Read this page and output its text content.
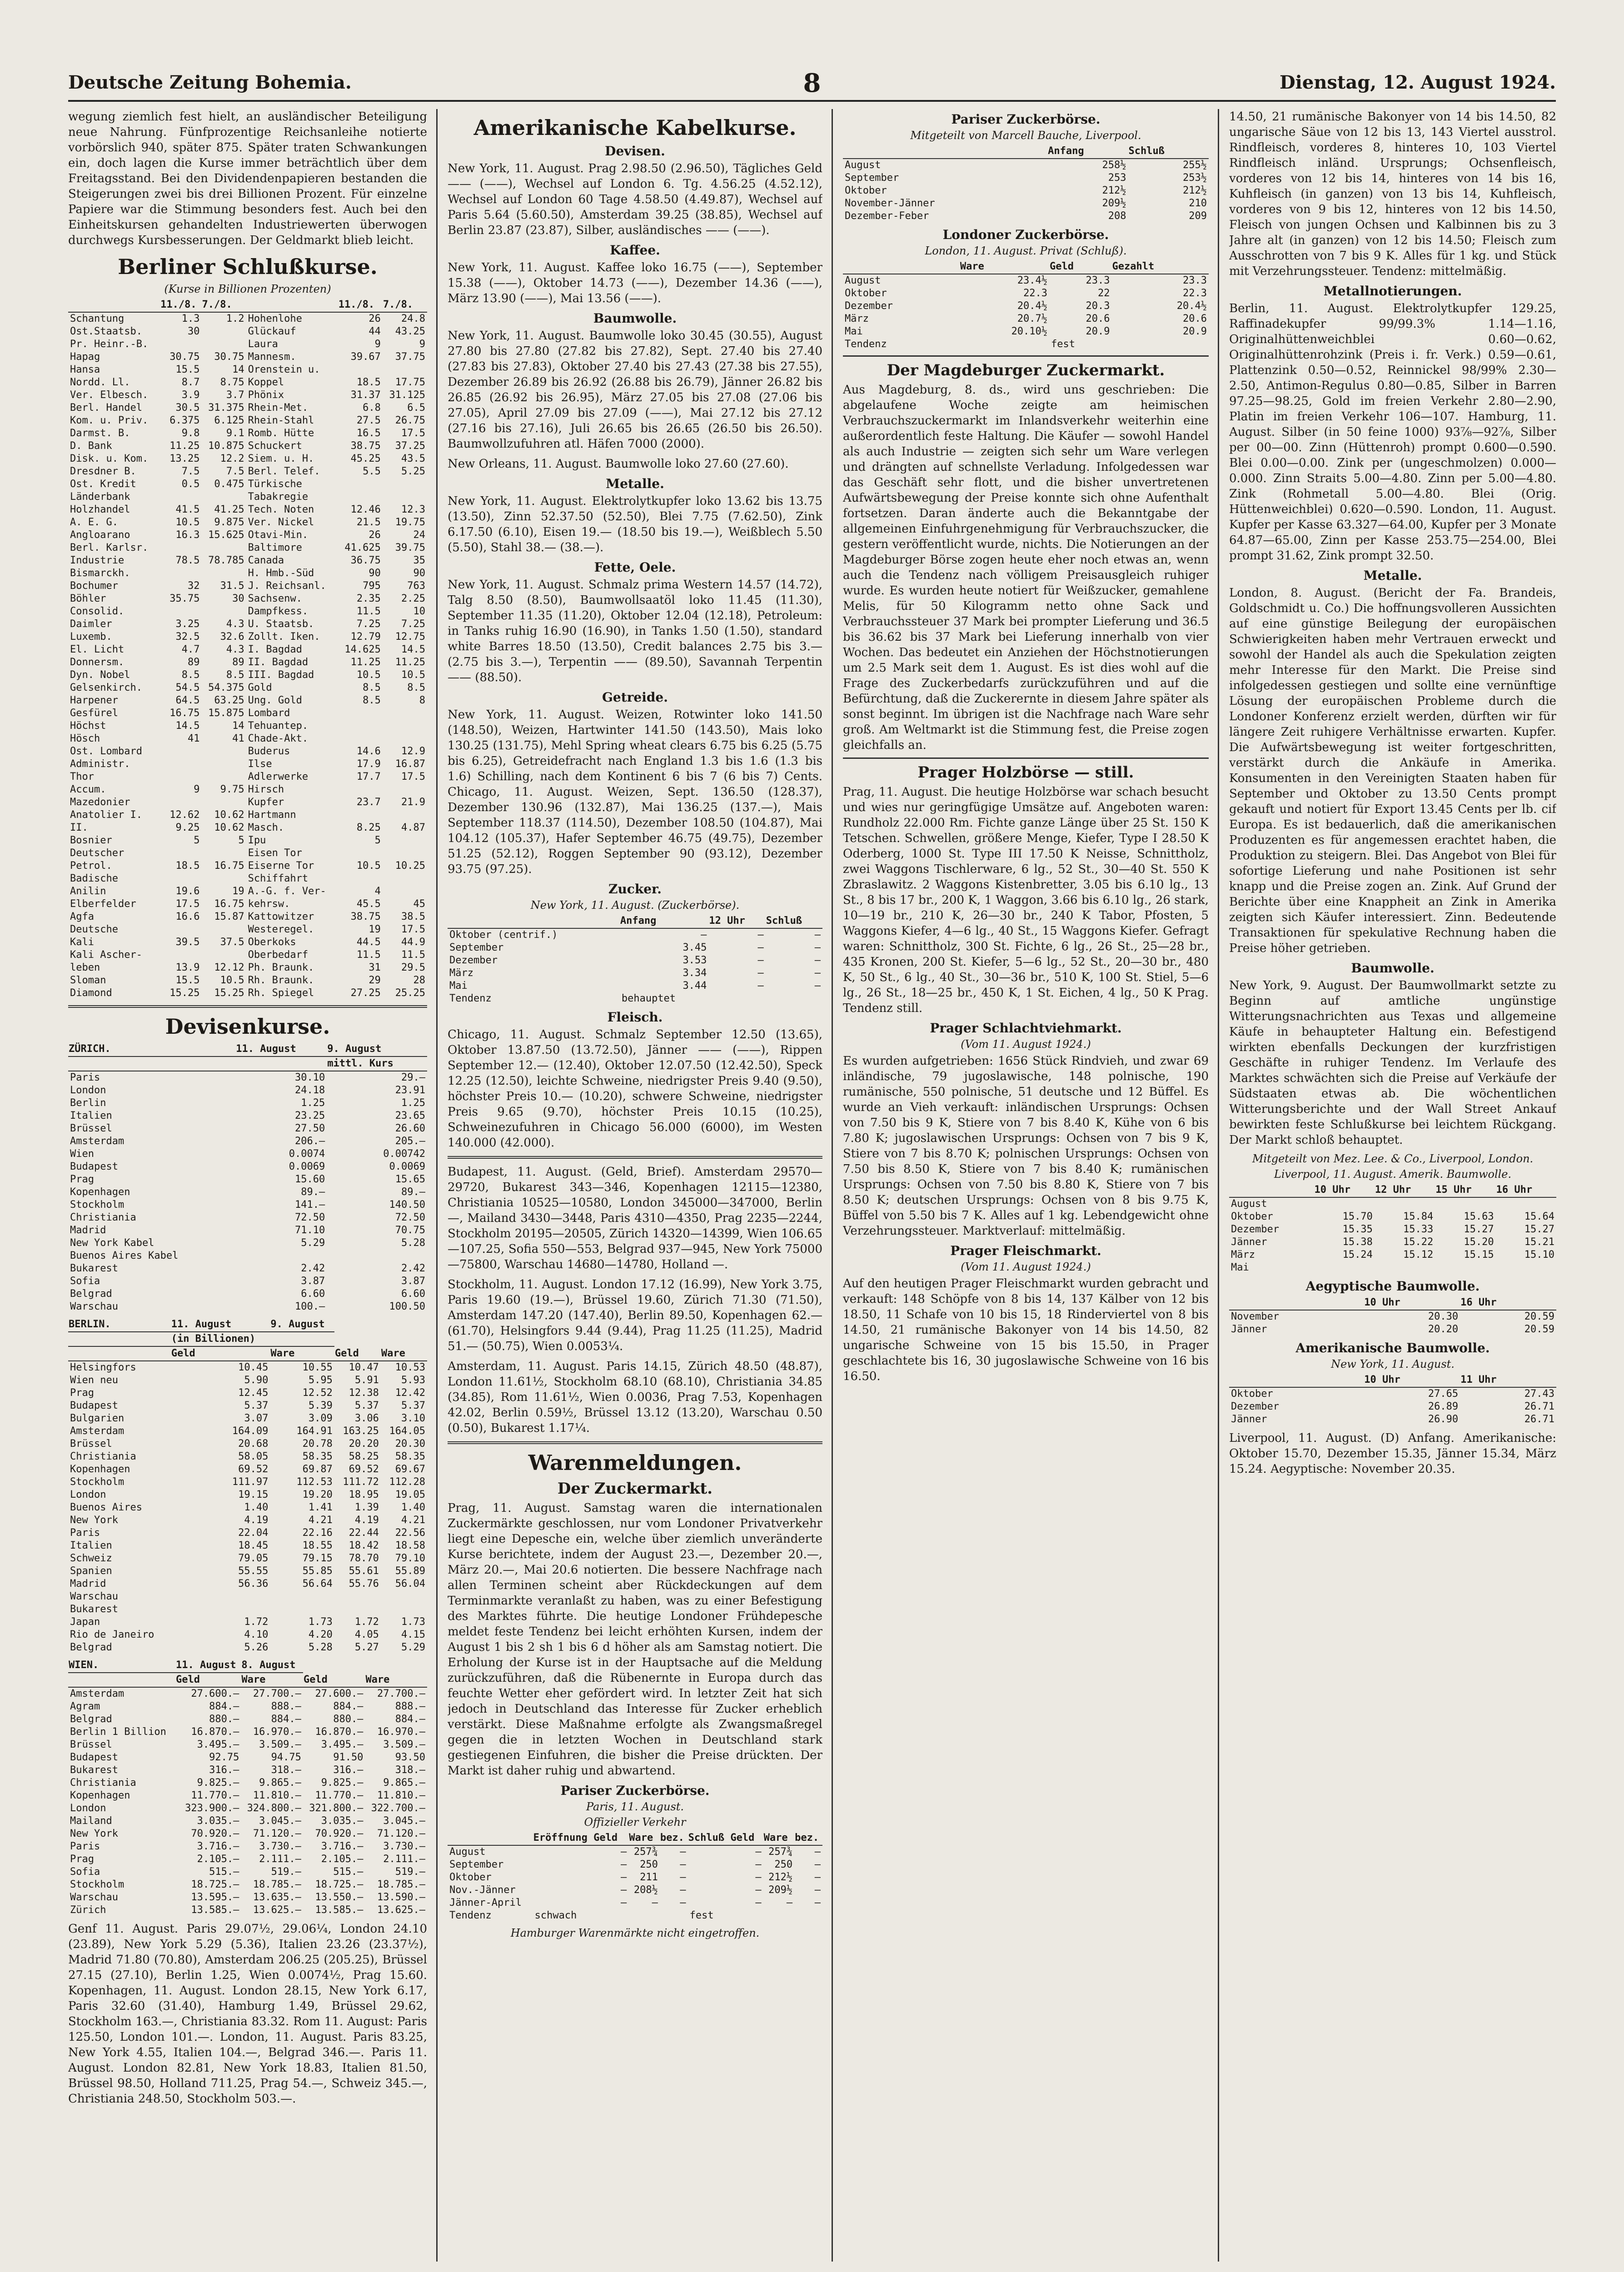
Deutsche Zeitung Bohemia.	8	Dienstag, 12. August 1924.

wegung ziemlich fest hielt, an ausländischer Beteiligung neue Nahrung. Fünfprozentige Reichsanleihe notierte vorbörslich 940, später 875. Später traten Schwankungen ein, doch lagen die Kurse immer beträchtlich über dem Freitagsstand. Bei den Dividendenpapieren bestanden die Steigerungen zwei bis drei Billionen Prozent. Für einzelne Papiere war die Stimmung besonders fest. Auch bei den Einheitskursen gehandelten Industriewerten überwogen durchwegs Kursbesserungen. Der Geldmarkt blieb leicht.

Berliner Schlußkurse.
(Kurse in Billionen Prozenten)
	11./8.	7./8.		11./8.	7./8.
Schantung	1.3	1.2	Hohenlohe	26	24.8
Ost.Staatsb.	30		Glückauf	44	43.25
Pr. Heinr.-B.			Laura	9	9
Hapag	30.75	30.75	Mannesm.	39.67	37.75
Hansa	15.5	14	Orenstein u.		
Nordd. Ll.	8.7	8.75	Koppel	18.5	17.75
Ver. Elbesch.	3.9	3.7	Phönix	31.37	31.125
Berl. Handel	30.5	31.375	Rhein-Met.	6.8	6.5
Kom. u. Priv.	6.375	6.125	Rhein-Stahl	27.5	26.75
Darmst. B.	9.8	9.1	Romb. Hütte	16.5	17.5
D. Bank	11.25	10.875	Schuckert	38.75	37.25
Disk. u. Kom.	13.25	12.2	Siem. u. H.	45.25	43.5
Dresdner B.	7.5	7.5	Berl. Telef.	5.5	5.25
Ost. Kredit	0.5	0.475	Türkische		
Länderbank			Tabakregie		
Holzhandel	41.5	41.25	Tech. Noten	12.46	12.3
A. E. G.	10.5	9.875	Ver. Nickel	21.5	19.75
Angloarano	16.3	15.625	Otavi-Min.	26	24
Berl. Karlsr.			Baltimore	41.625	39.75
Industrie	78.5	78.785	Canada	36.75	35
Bismarckh.			H. Hmb.-Süd	90	90
Bochumer	32	31.5	J. Reichsanl.	795	763
Böhler	35.75	30	Sachsenw.	2.35	2.25
Consolid.			Dampfkess.	11.5	10
Daimler	3.25	4.3	U. Staatsb.	7.25	7.25
Luxemb.	32.5	32.6	Zollt. Iken.	12.79	12.75
El. Licht	4.7	4.3	I. Bagdad	14.625	14.5
Donnersm.	89	89	II. Bagdad	11.25	11.25
Dyn. Nobel	8.5	8.5	III. Bagdad	10.5	10.5
Gelsenkirch.	54.5	54.375	Gold	8.5	8.5
Harpener	64.5	63.25	Ung. Gold	8.5	8
Gesfürel	16.75	15.875	Lombard		
Höchst	14.5	14	Tehuantep.		
Hösch	41	41	Chade-Akt.		
Ost. Lombard			Buderus	14.6	12.9
Administr.			Ilse	17.9	16.87
Thor			Adlerwerke	17.7	17.5
Accum.	9	9.75	Hirsch		
Mazedonier			Kupfer	23.7	21.9
Anatolier I.	12.62	10.62	Hartmann		
II.	9.25	10.62	Masch.	8.25	4.87
Bosnier	5	5	Ipu	5	
Deutscher			Eisen Tor		
Petrol.	18.5	16.75	Eiserne Tor	10.5	10.25
Badische			Schiffahrt		
Anilin	19.6	19	A.-G. f. Ver-	4	
Elberfelder	17.5	16.75	kehrsw.	45.5	45
Agfa	16.6	15.87	Kattowitzer	38.75	38.5
Deutsche			Westeregel.	19	17.5
Kali	39.5	37.5	Oberkoks	44.5	44.9
Kali Ascher-			Oberbedarf	11.5	11.5
leben	13.9	12.12	Ph. Braunk.	31	29.5
Sloman	15.5	10.5	Rh. Braunk.	29	28
Diamond	15.25	15.25	Rh. Spiegel	27.25	25.25
Devisenkurse.
ZÜRICH.	11. August	9. August
		mittl. Kurs
Paris	30.10	29.—
London	24.18	23.91
Berlin	1.25	1.25
Italien	23.25	23.65
Brüssel	27.50	26.60
Amsterdam	206.—	205.—
Wien	0.0074	0.00742
Budapest	0.0069	0.0069
Prag	15.60	15.65
Kopenhagen	89.—	89.—
Stockholm	141.—	140.50
Christiania	72.50	72.50
Madrid	71.10	70.75
New York Kabel	5.29	5.28
Buenos Aires Kabel		
Bukarest	2.42	2.42
Sofia	3.87	3.87
Belgrad	6.60	6.60
Warschau	100.—	100.50
BERLIN.	11. August	9. August		
	(in Billionen)			
	Geld	Ware	Geld	Ware
Helsingfors	10.45	10.55	10.47	10.53
Wien neu	5.90	5.95	5.91	5.93
Prag	12.45	12.52	12.38	12.42
Budapest	5.37	5.39	5.37	5.37
Bulgarien	3.07	3.09	3.06	3.10
Amsterdam	164.09	164.91	163.25	164.05
Brüssel	20.68	20.78	20.20	20.30
Christiania	58.05	58.35	58.25	58.35
Kopenhagen	69.52	69.87	69.52	69.67
Stockholm	111.97	112.53	111.72	112.28
London	19.15	19.20	18.95	19.05
Buenos Aires	1.40	1.41	1.39	1.40
New York	4.19	4.21	4.19	4.21
Paris	22.04	22.16	22.44	22.56
Italien	18.45	18.55	18.42	18.58
Schweiz	79.05	79.15	78.70	79.10
Spanien	55.55	55.85	55.61	55.89
Madrid	56.36	56.64	55.76	56.04
Warschau				
Bukarest				
Japan	1.72	1.73	1.72	1.73
Rio de Janeiro	4.10	4.20	4.05	4.15
Belgrad	5.26	5.28	5.27	5.29
WIEN.	11. August	8. August		
	Geld	Ware	Geld	Ware
Amsterdam	27.600.—	27.700.—	27.600.—	27.700.—
Agram	884.—	888.—	884.—	888.—
Belgrad	880.—	884.—	880.—	884.—
Berlin 1 Billion	16.870.—	16.970.—	16.870.—	16.970.—
Brüssel	3.495.—	3.509.—	3.495.—	3.509.—
Budapest	92.75	94.75	91.50	93.50
Bukarest	316.—	318.—	316.—	318.—
Christiania	9.825.—	9.865.—	9.825.—	9.865.—
Kopenhagen	11.770.—	11.810.—	11.770.—	11.810.—
London	323.900.—	324.800.—	321.800.—	322.700.—
Mailand	3.035.—	3.045.—	3.035.—	3.045.—
New York	70.920.—	71.120.—	70.920.—	71.120.—
Paris	3.716.—	3.730.—	3.716.—	3.730.—
Prag	2.105.—	2.111.—	2.105.—	2.111.—
Sofia	515.—	519.—	515.—	519.—
Stockholm	18.725.—	18.785.—	18.725.—	18.785.—
Warschau	13.595.—	13.635.—	13.550.—	13.590.—
Zürich	13.585.—	13.625.—	13.585.—	13.625.—

Genf 11. August. Paris 29.07½, 29.06¼, London 24.10 (23.89), New York 5.29 (5.36), Italien 23.26 (23.37½), Madrid 71.80 (70.80), Amsterdam 206.25 (205.25), Brüssel 27.15 (27.10), Berlin 1.25, Wien 0.0074½, Prag 15.60. Kopenhagen, 11. August. London 28.15, New York 6.17, Paris 32.60 (31.40), Hamburg 1.49, Brüssel 29.62, Stockholm 163.—, Christiania 83.32. Rom 11. August: Paris 125.50, London 101.—. London, 11. August. Paris 83.25, New York 4.55, Italien 104.—, Belgrad 346.—. Paris 11. August. London 82.81, New York 18.83, Italien 81.50, Brüssel 98.50, Holland 711.25, Prag 54.—, Schweiz 345.—, Christiania 248.50, Stockholm 503.—.

Amerikanische Kabelkurse.
Devisen.

New York, 11. August. Prag 2.98.50 (2.96.50), Tägliches Geld —— (——), Wechsel auf London 6. Tg. 4.56.25 (4.52.12), Wechsel auf London 60 Tage 4.58.50 (4.49.87), Wechsel auf Paris 5.64 (5.60.50), Amsterdam 39.25 (38.85), Wechsel auf Berlin 23.87 (23.87), Silber, ausländisches —— (——).

Kaffee.

New York, 11. August. Kaffee loko 16.75 (——), September 15.38 (——), Oktober 14.73 (——), Dezember 14.36 (——), März 13.90 (——), Mai 13.56 (——).

Baumwolle.

New York, 11. August. Baumwolle loko 30.45 (30.55), August 27.80 bis 27.80 (27.82 bis 27.82), Sept. 27.40 bis 27.40 (27.83 bis 27.83), Oktober 27.40 bis 27.43 (27.38 bis 27.55), Dezember 26.89 bis 26.92 (26.88 bis 26.79), Jänner 26.82 bis 26.85 (26.92 bis 26.95), März 27.05 bis 27.08 (27.06 bis 27.05), April 27.09 bis 27.09 (——), Mai 27.12 bis 27.12 (27.16 bis 27.16), Juli 26.65 bis 26.65 (26.50 bis 26.50). Baumwollzufuhren atl. Häfen 7000 (2000).

New Orleans, 11. August. Baumwolle loko 27.60 (27.60).

Metalle.

New York, 11. August. Elektrolytkupfer loko 13.62 bis 13.75 (13.50), Zinn 52.37.50 (52.50), Blei 7.75 (7.62.50), Zink 6.17.50 (6.10), Eisen 19.— (18.50 bis 19.—), Weißblech 5.50 (5.50), Stahl 38.— (38.—).

Fette, Oele.

New York, 11. August. Schmalz prima Western 14.57 (14.72), Talg 8.50 (8.50), Baumwollsaatöl loko 11.45 (11.30), September 11.35 (11.20), Oktober 12.04 (12.18), Petroleum: in Tanks ruhig 16.90 (16.90), in Tanks 1.50 (1.50), standard white Barres 18.50 (13.50), Credit balances 2.75 bis 3.— (2.75 bis 3.—), Terpentin —— (89.50), Savannah Terpentin —— (88.50).

Getreide.

New York, 11. August. Weizen, Rotwinter loko 141.50 (148.50), Weizen, Hartwinter 141.50 (143.50), Mais loko 130.25 (131.75), Mehl Spring wheat clears 6.75 bis 6.25 (5.75 bis 6.25), Getreidefracht nach England 1.3 bis 1.6 (1.3 bis 1.6) Schilling, nach dem Kontinent 6 bis 7 (6 bis 7) Cents. Chicago, 11. August. Weizen, Sept. 136.50 (128.37), Dezember 130.96 (132.87), Mai 136.25 (137.—), Mais September 118.37 (114.50), Dezember 108.50 (104.87), Mai 104.12 (105.37), Hafer September 46.75 (49.75), Dezember 51.25 (52.12), Roggen September 90 (93.12), Dezember 93.75 (97.25).

Zucker.
New York, 11. August. (Zuckerbörse).
	Anfang	12 Uhr	Schluß
Oktober (centrif.)	—	—	—
September	3.45	—	—
Dezember	3.53	—	—
März	3.34	—	—
Mai	3.44	—	—
Tendenz	behauptet		
Fleisch.

Chicago, 11. August. Schmalz September 12.50 (13.65), Oktober 13.87.50 (13.72.50), Jänner —— (——), Rippen September 12.— (12.40), Oktober 12.07.50 (12.42.50), Speck 12.25 (12.50), leichte Schweine, niedrigster Preis 9.40 (9.50), höchster Preis 10.— (10.20), schwere Schweine, niedrigster Preis 9.65 (9.70), höchster Preis 10.15 (10.25), Schweinezufuhren in Chicago 56.000 (6000), im Westen 140.000 (42.000).

Budapest, 11. August. (Geld, Brief). Amsterdam 29570—29720, Bukarest 343—346, Kopenhagen 12115—12380, Christiania 10525—10580, London 345000—347000, Berlin —, Mailand 3430—3448, Paris 4310—4350, Prag 2235—2244, Stockholm 20195—20505, Zürich 14320—14399, Wien 106.65—107.25, Sofia 550—553, Belgrad 937—945, New York 75000—75800, Warschau 14680—14780, Holland —.

Stockholm, 11. August. London 17.12 (16.99), New York 3.75, Paris 19.60 (19.—), Brüssel 19.60, Zürich 71.30 (71.50), Amsterdam 147.20 (147.40), Berlin 89.50, Kopenhagen 62.— (61.70), Helsingfors 9.44 (9.44), Prag 11.25 (11.25), Madrid 51.— (50.75), Wien 0.0053¼.

Amsterdam, 11. August. Paris 14.15, Zürich 48.50 (48.87), London 11.61½, Stockholm 68.10 (68.10), Christiania 34.85 (34.85), Rom 11.61½, Wien 0.0036, Prag 7.53, Kopenhagen 42.02, Berlin 0.59½, Brüssel 13.12 (13.20), Warschau 0.50 (0.50), Bukarest 1.17¼.

Warenmeldungen.
Der Zuckermarkt.

Prag, 11. August. Samstag waren die internationalen Zuckermärkte geschlossen, nur vom Londoner Privatverkehr liegt eine Depesche ein, welche über ziemlich unveränderte Kurse berichtete, indem der August 23.—, Dezember 20.—, März 20.—, Mai 20.6 notierten. Die bessere Nachfrage nach allen Terminen scheint aber Rückdeckungen auf dem Terminmarkte veranlaßt zu haben, was zu einer Befestigung des Marktes führte. Die heutige Londoner Frühdepesche meldet feste Tendenz bei leicht erhöhten Kursen, indem der August 1 bis 2 sh 1 bis 6 d höher als am Samstag notiert. Die Erholung der Kurse ist in der Hauptsache auf die Meldung zurückzuführen, daß die Rübenernte in Europa durch das feuchte Wetter eher gefördert wird. In letzter Zeit hat sich jedoch in Deutschland das Interesse für Zucker erheblich verstärkt. Diese Maßnahme erfolgte als Zwangsmaßregel gegen die in letzten Wochen in Deutschland stark gestiegenen Einfuhren, die bisher die Preise drückten. Der Markt ist daher ruhig und abwartend.

Pariser Zuckerbörse.
Paris, 11. August.
Offizieller Verkehr
	Eröffnung Geld	Ware	bez.	Schluß Geld	Ware	bez.
August	—	257¾	—	—	257¾	—
September	—	250	—	—	250	—
Oktober	—	211	—	—	212½	—
Nov.-Jänner	—	208½	—	—	209½	—
Jänner-April	—	—	—	—	—	—
Tendenz	schwach			fest		
Hamburger Warenmärkte nicht eingetroffen.
Pariser Zuckerbörse.
Mitgeteilt von Marcell Bauche, Liverpool.
	Anfang	Schluß
August	258½	255½
September	253	253½
Oktober	212½	212½
November-Jänner	209½	210
Dezember-Feber	208	209
Londoner Zuckerbörse.
London, 11. August. Privat (Schluß).
	Ware	Geld	Gezahlt
August	23.4½	23.3	23.3
Oktober	22.3	22	22.3
Dezember	20.4½	20.3	20.4½
März	20.7½	20.6	20.6
Mai	20.10½	20.9	20.9
Tendenz		fest	
Der Magdeburger Zuckermarkt.

Aus Magdeburg, 8. ds., wird uns geschrieben: Die abgelaufene Woche zeigte am heimischen Verbrauchszuckermarkt im Inlandsverkehr weiterhin eine außerordentlich feste Haltung. Die Käufer — sowohl Handel als auch Industrie — zeigten sich sehr um Ware verlegen und drängten auf schnellste Verladung. Infolgedessen war das Geschäft sehr flott, und die bisher unvertretenen Aufwärtsbewegung der Preise konnte sich ohne Aufenthalt fortsetzen. Daran änderte auch die Bekanntgabe der allgemeinen Einfuhrgenehmigung für Verbrauchszucker, die gestern veröffentlicht wurde, nichts. Die Notierungen an der Magdeburger Börse zogen heute eher noch etwas an, wenn auch die Tendenz nach völligem Preisausgleich ruhiger wurde. Es wurden heute notiert für Weißzucker, gemahlene Melis, für 50 Kilogramm netto ohne Sack und Verbrauchssteuer 37 Mark bei prompter Lieferung und 36.5 bis 36.62 bis 37 Mark bei Lieferung innerhalb von vier Wochen. Das bedeutet ein Anziehen der Höchstnotierungen um 2.5 Mark seit dem 1. August. Es ist dies wohl auf die Frage des Zuckerbedarfs zurückzuführen und auf die Befürchtung, daß die Zuckerernte in diesem Jahre später als sonst beginnt. Im übrigen ist die Nachfrage nach Ware sehr groß. Am Weltmarkt ist die Stimmung fest, die Preise zogen gleichfalls an.

Prager Holzbörse — still.

Prag, 11. August. Die heutige Holzbörse war schach besucht und wies nur geringfügige Umsätze auf. Angeboten waren: Rundholz 22.000 Rm. Fichte ganze Länge über 25 St. 150 K Tetschen. Schwellen, größere Menge, Kiefer, Type I 28.50 K Oderberg, 1000 St. Type III 17.50 K Neisse, Schnittholz, zwei Waggons Tischlerware, 6 lg., 52 St., 30—40 St. 550 K Zbraslawitz. 2 Waggons Kistenbretter, 3.05 bis 6.10 lg., 13 St., 8 bis 17 br., 200 K, 1 Waggon, 3.66 bis 6.10 lg., 26 stark, 10—19 br., 210 K, 26—30 br., 240 K Tabor, Pfosten, 5 Waggons Kiefer, 4—6 lg., 40 St., 15 Waggons Kiefer. Gefragt waren: Schnittholz, 300 St. Fichte, 6 lg., 26 St., 25—28 br., 435 Kronen, 200 St. Kiefer, 5—6 lg., 52 St., 20—30 br., 480 K, 50 St., 6 lg., 40 St., 30—36 br., 510 K, 100 St. Stiel, 5—6 lg., 26 St., 18—25 br., 450 K, 1 St. Eichen, 4 lg., 50 K Prag. Tendenz still.

Prager Schlachtviehmarkt.
(Vom 11. August 1924.)

Es wurden aufgetrieben: 1656 Stück Rindvieh, und zwar 69 inländische, 79 jugoslawische, 148 polnische, 190 rumänische, 550 polnische, 51 deutsche und 12 Büffel. Es wurde an Vieh verkauft: inländischen Ursprungs: Ochsen von 7.50 bis 9 K, Stiere von 7 bis 8.40 K, Kühe von 6 bis 7.80 K; jugoslawischen Ursprungs: Ochsen von 7 bis 9 K, Stiere von 7 bis 8.70 K; polnischen Ursprungs: Ochsen von 7.50 bis 8.50 K, Stiere von 7 bis 8.40 K; rumänischen Ursprungs: Ochsen von 7.50 bis 8.80 K, Stiere von 7 bis 8.50 K; deutschen Ursprungs: Ochsen von 8 bis 9.75 K, Büffel von 5.50 bis 7 K. Alles auf 1 kg. Lebendgewicht ohne Verzehrungssteuer. Marktverlauf: mittelmäßig.

Prager Fleischmarkt.
(Vom 11. August 1924.)

Auf den heutigen Prager Fleischmarkt wurden gebracht und verkauft: 148 Schöpfe von 8 bis 14, 137 Kälber von 12 bis 18.50, 11 Schafe von 10 bis 15, 18 Rinderviertel von 8 bis 14.50, 21 rumänische Bakonyer von 14 bis 14.50, 82 ungarische Schweine von 15 bis 15.50, in Prager geschlachtete bis 16, 30 jugoslawische Schweine von 16 bis 16.50.

14.50, 21 rumänische Bakonyer von 14 bis 14.50, 82 ungarische Säue von 12 bis 13, 143 Viertel ausstrol. Rindfleisch, vorderes 8, hinteres 10, 103 Viertel Rindfleisch inländ. Ursprungs; Ochsenfleisch, vorderes von 12 bis 14, hinteres von 14 bis 16, Kuhfleisch (in ganzen) von 13 bis 14, Kuhfleisch, vorderes von 9 bis 12, hinteres von 12 bis 14.50, Fleisch von jungen Ochsen und Kalbinnen bis zu 3 Jahre alt (in ganzen) von 12 bis 14.50; Fleisch zum Ausschrotten von 7 bis 9 K. Alles für 1 kg. und Stück mit Verzehrungssteuer. Tendenz: mittelmäßig.

Metallnotierungen.

Berlin, 11. August. Elektrolytkupfer 129.25, Raffinadekupfer 99/99.3% 1.14—1.16, Originalhüttenweichblei 0.60—0.62, Originalhüttenrohzink (Preis i. fr. Verk.) 0.59—0.61, Plattenzink 0.50—0.52, Reinnickel 98/99% 2.30—2.50, Antimon-Regulus 0.80—0.85, Silber in Barren 97.25—98.25, Gold im freien Verkehr 2.80—2.90, Platin im freien Verkehr 106—107. Hamburg, 11. August. Silber (in 50 feine 1000) 93⅞—92⅞, Silber per 00—00. Zinn (Hüttenroh) prompt 0.600—0.590. Blei 0.00—0.00. Zink per (ungeschmolzen) 0.000—0.000. Zinn Straits 5.00—4.80. Zinn per 5.00—4.80. Zink (Rohmetall 5.00—4.80. Blei (Orig. Hüttenweichblei) 0.620—0.590. London, 11. August. Kupfer per Kasse 63.327—64.00, Kupfer per 3 Monate 64.87—65.00, Zinn per Kasse 253.75—254.00, Blei prompt 31.62, Zink prompt 32.50.

Metalle.

London, 8. August. (Bericht der Fa. Brandeis, Goldschmidt u. Co.) Die hoffnungsvolleren Aussichten auf eine günstige Beilegung der europäischen Schwierigkeiten haben mehr Vertrauen erweckt und sowohl der Handel als auch die Spekulation zeigten mehr Interesse für den Markt. Die Preise sind infolgedessen gestiegen und sollte eine vernünftige Lösung der europäischen Probleme durch die Londoner Konferenz erzielt werden, dürften wir für längere Zeit ruhigere Verhältnisse erwarten. Kupfer. Die Aufwärtsbewegung ist weiter fortgeschritten, verstärkt durch die Ankäufe in Amerika. Konsumenten in den Vereinigten Staaten haben für September und Oktober zu 13.50 Cents prompt gekauft und notiert für Export 13.45 Cents per lb. cif Europa. Es ist bedauerlich, daß die amerikanischen Produzenten es für angemessen erachtet haben, die Produktion zu steigern. Blei. Das Angebot von Blei für sofortige Lieferung und nahe Positionen ist sehr knapp und die Preise zogen an. Zink. Auf Grund der Berichte über eine Knappheit an Zink in Amerika zeigten sich Käufer interessiert. Zinn. Bedeutende Transaktionen für spekulative Rechnung haben die Preise höher getrieben.

Baumwolle.

New York, 9. August. Der Baumwollmarkt setzte zu Beginn auf amtliche ungünstige Witterungsnachrichten aus Texas und allgemeine Käufe in behaupteter Haltung ein. Befestigend wirkten ebenfalls Deckungen der kurzfristigen Geschäfte in ruhiger Tendenz. Im Verlaufe des Marktes schwächten sich die Preise auf Verkäufe der Südstaaten etwas ab. Die wöchentlichen Witterungsberichte und der Wall Street Ankauf bewirkten feste Schlußkurse bei leichtem Rückgang. Der Markt schloß behauptet.

Mitgeteilt von Mez. Lee. & Co., Liverpool, London.
Liverpool, 11. August. Amerik. Baumwolle.
	10 Uhr	12 Uhr	15 Uhr	16 Uhr
August				
Oktober	15.70	15.84	15.63	15.64
Dezember	15.35	15.33	15.27	15.27
Jänner	15.38	15.22	15.20	15.21
März	15.24	15.12	15.15	15.10
Mai				
Aegyptische Baumwolle.
	10 Uhr	16 Uhr
November	20.30	20.59
Jänner	20.20	20.59
Amerikanische Baumwolle.
New York, 11. August.
	10 Uhr	11 Uhr
Oktober	27.65	27.43
Dezember	26.89	26.71
Jänner	26.90	26.71

Liverpool, 11. August. (D) Anfang. Amerikanische: Oktober 15.70, Dezember 15.35, Jänner 15.34, März 15.24. Aegyptische: November 20.35.
